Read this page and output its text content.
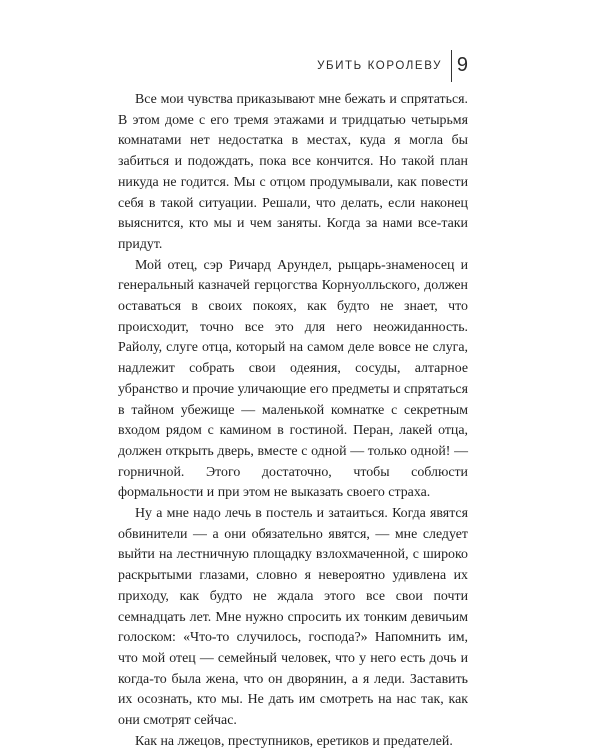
УБИТЬ КОРОЛЕВУ 9

Все мои чувства приказывают мне бежать и спрятаться. В этом доме с его тремя этажами и тридцатью четырьмя комнатами нет недостатка в местах, куда я могла бы забиться и подождать, пока все кончится. Но такой план никуда не годится. Мы с отцом продумывали, как повести себя в такой ситуации. Решали, что делать, если наконец выяснится, кто мы и чем заняты. Когда за нами все-таки придут.

Мой отец, сэр Ричард Арундел, рыцарь-знаменосец и генеральный казначей герцогства Корнуолльского, должен оставаться в своих покоях, как будто не знает, что происходит, точно все это для него неожиданность. Райолу, слуге отца, который на самом деле вовсе не слуга, надлежит собрать свои одеяния, сосуды, алтарное убранство и прочие уличающие его предметы и спрятаться в тайном убежище — маленькой комнатке с секретным входом рядом с камином в гостиной. Перан, лакей отца, должен открыть дверь, вместе с одной — только одной! — горничной. Этого достаточно, чтобы соблюсти формальности и при этом не выказать своего страха.

Ну а мне надо лечь в постель и затаиться. Когда явятся обвинители — а они обязательно явятся, — мне следует выйти на лестничную площадку взлохмаченной, с широко раскрытыми глазами, словно я невероятно удивлена их приходу, как будто не ждала этого все свои почти семнадцать лет. Мне нужно спросить их тонким девичьим голоском: «Что-то случилось, господа?» Напомнить им, что мой отец — семейный человек, что у него есть дочь и когда-то была жена, что он дворянин, а я леди. Заставить их осознать, кто мы. Не дать им смотреть на нас так, как они смотрят сейчас.

Как на лжецов, преступников, еретиков и предателей.
